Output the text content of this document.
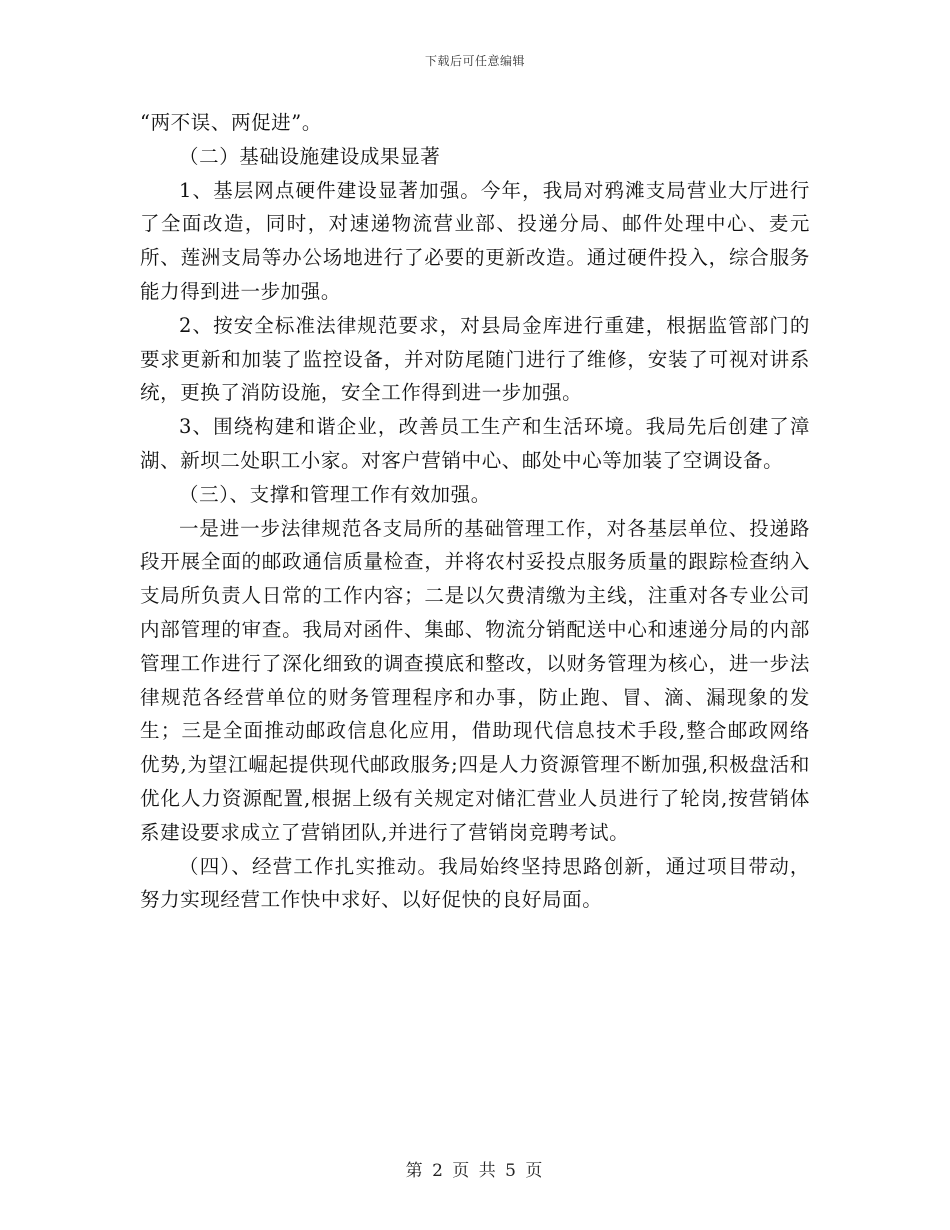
下载后可任意编辑

“两不误、两促进”。

（二）基础设施建设成果显著

1、基层网点硬件建设显著加强。今年，我局对鸦滩支局营业大厅进行了全面改造，同时，对速递物流营业部、投递分局、邮件处理中心、麦元所、莲洲支局等办公场地进行了必要的更新改造。通过硬件投入，综合服务能力得到进一步加强。

2、按安全标准法律规范要求，对县局金库进行重建，根据监管部门的要求更新和加装了监控设备，并对防尾随门进行了维修，安装了可视对讲系统，更换了消防设施，安全工作得到进一步加强。

3、围绕构建和谐企业，改善员工生产和生活环境。我局先后创建了漳湖、新坝二处职工小家。对客户营销中心、邮处中心等加装了空调设备。

（三）、支撑和管理工作有效加强。

一是进一步法律规范各支局所的基础管理工作，对各基层单位、投递路段开展全面的邮政通信质量检查，并将农村妥投点服务质量的跟踪检查纳入支局所负责人日常的工作内容；二是以欠费清缴为主线，注重对各专业公司内部管理的审查。我局对函件、集邮、物流分销配送中心和速递分局的内部管理工作进行了深化细致的调查摸底和整改，以财务管理为核心，进一步法律规范各经营单位的财务管理程序和办事，防止跑、冒、滴、漏现象的发生；三是全面推动邮政信息化应用，借助现代信息技术手段,整合邮政网络优势,为望江崛起提供现代邮政服务;四是人力资源管理不断加强,积极盘活和优化人力资源配置,根据上级有关规定对储汇营业人员进行了轮岗,按营销体系建设要求成立了营销团队,并进行了营销岗竞聘考试。

（四）、经营工作扎实推动。我局始终坚持思路创新，通过项目带动，努力实现经营工作快中求好、以好促快的良好局面。

第 2 页 共 5 页
